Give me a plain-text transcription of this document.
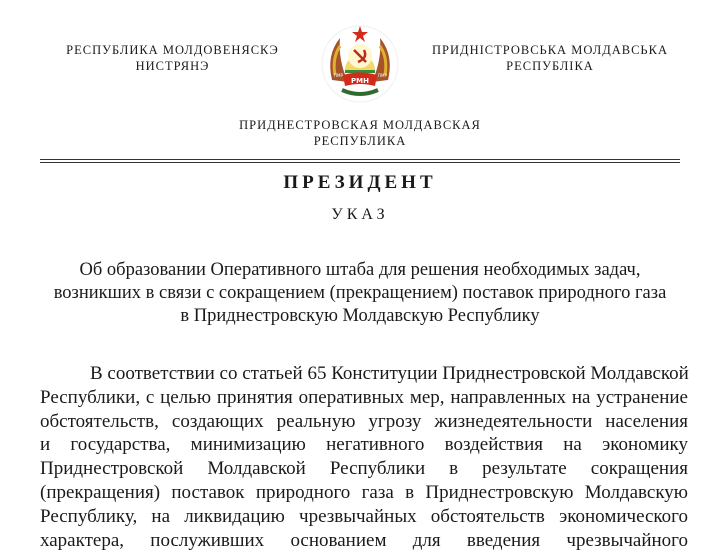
РЕСПУБЛИКА МОЛДОВЕНЯСКЭ
НИСТРЯНЭ
РМН
ПМР	ПМР
ПРИДНІСТРОВСЬКА МОЛДАВСЬКА
РЕСПУБЛІКА
ПРИДНЕСТРОВСКАЯ МОЛДАВСКАЯ
РЕСПУБЛИКА
ПРЕЗИДЕНТ
УКАЗ
Об образовании Оперативного штаба для решения необходимых задач,
возникших в связи с сокращением (прекращением) поставок природного газа
в Приднестровскую Молдавскую Республику
В соответствии со статьей 65 Конституции Приднестровской Молдавской
Республики, с целью принятия оперативных мер, направленных на устранение
обстоятельств, создающих реальную угрозу жизнедеятельности населения
и государства, минимизацию негативного воздействия на экономику
Приднестровской Молдавской Республики в результате сокращения
(прекращения) поставок природного газа в Приднестровскую Молдавскую
Республику, на ликвидацию чрезвычайных обстоятельств экономического
характера, послуживших основанием для введения чрезвычайного
